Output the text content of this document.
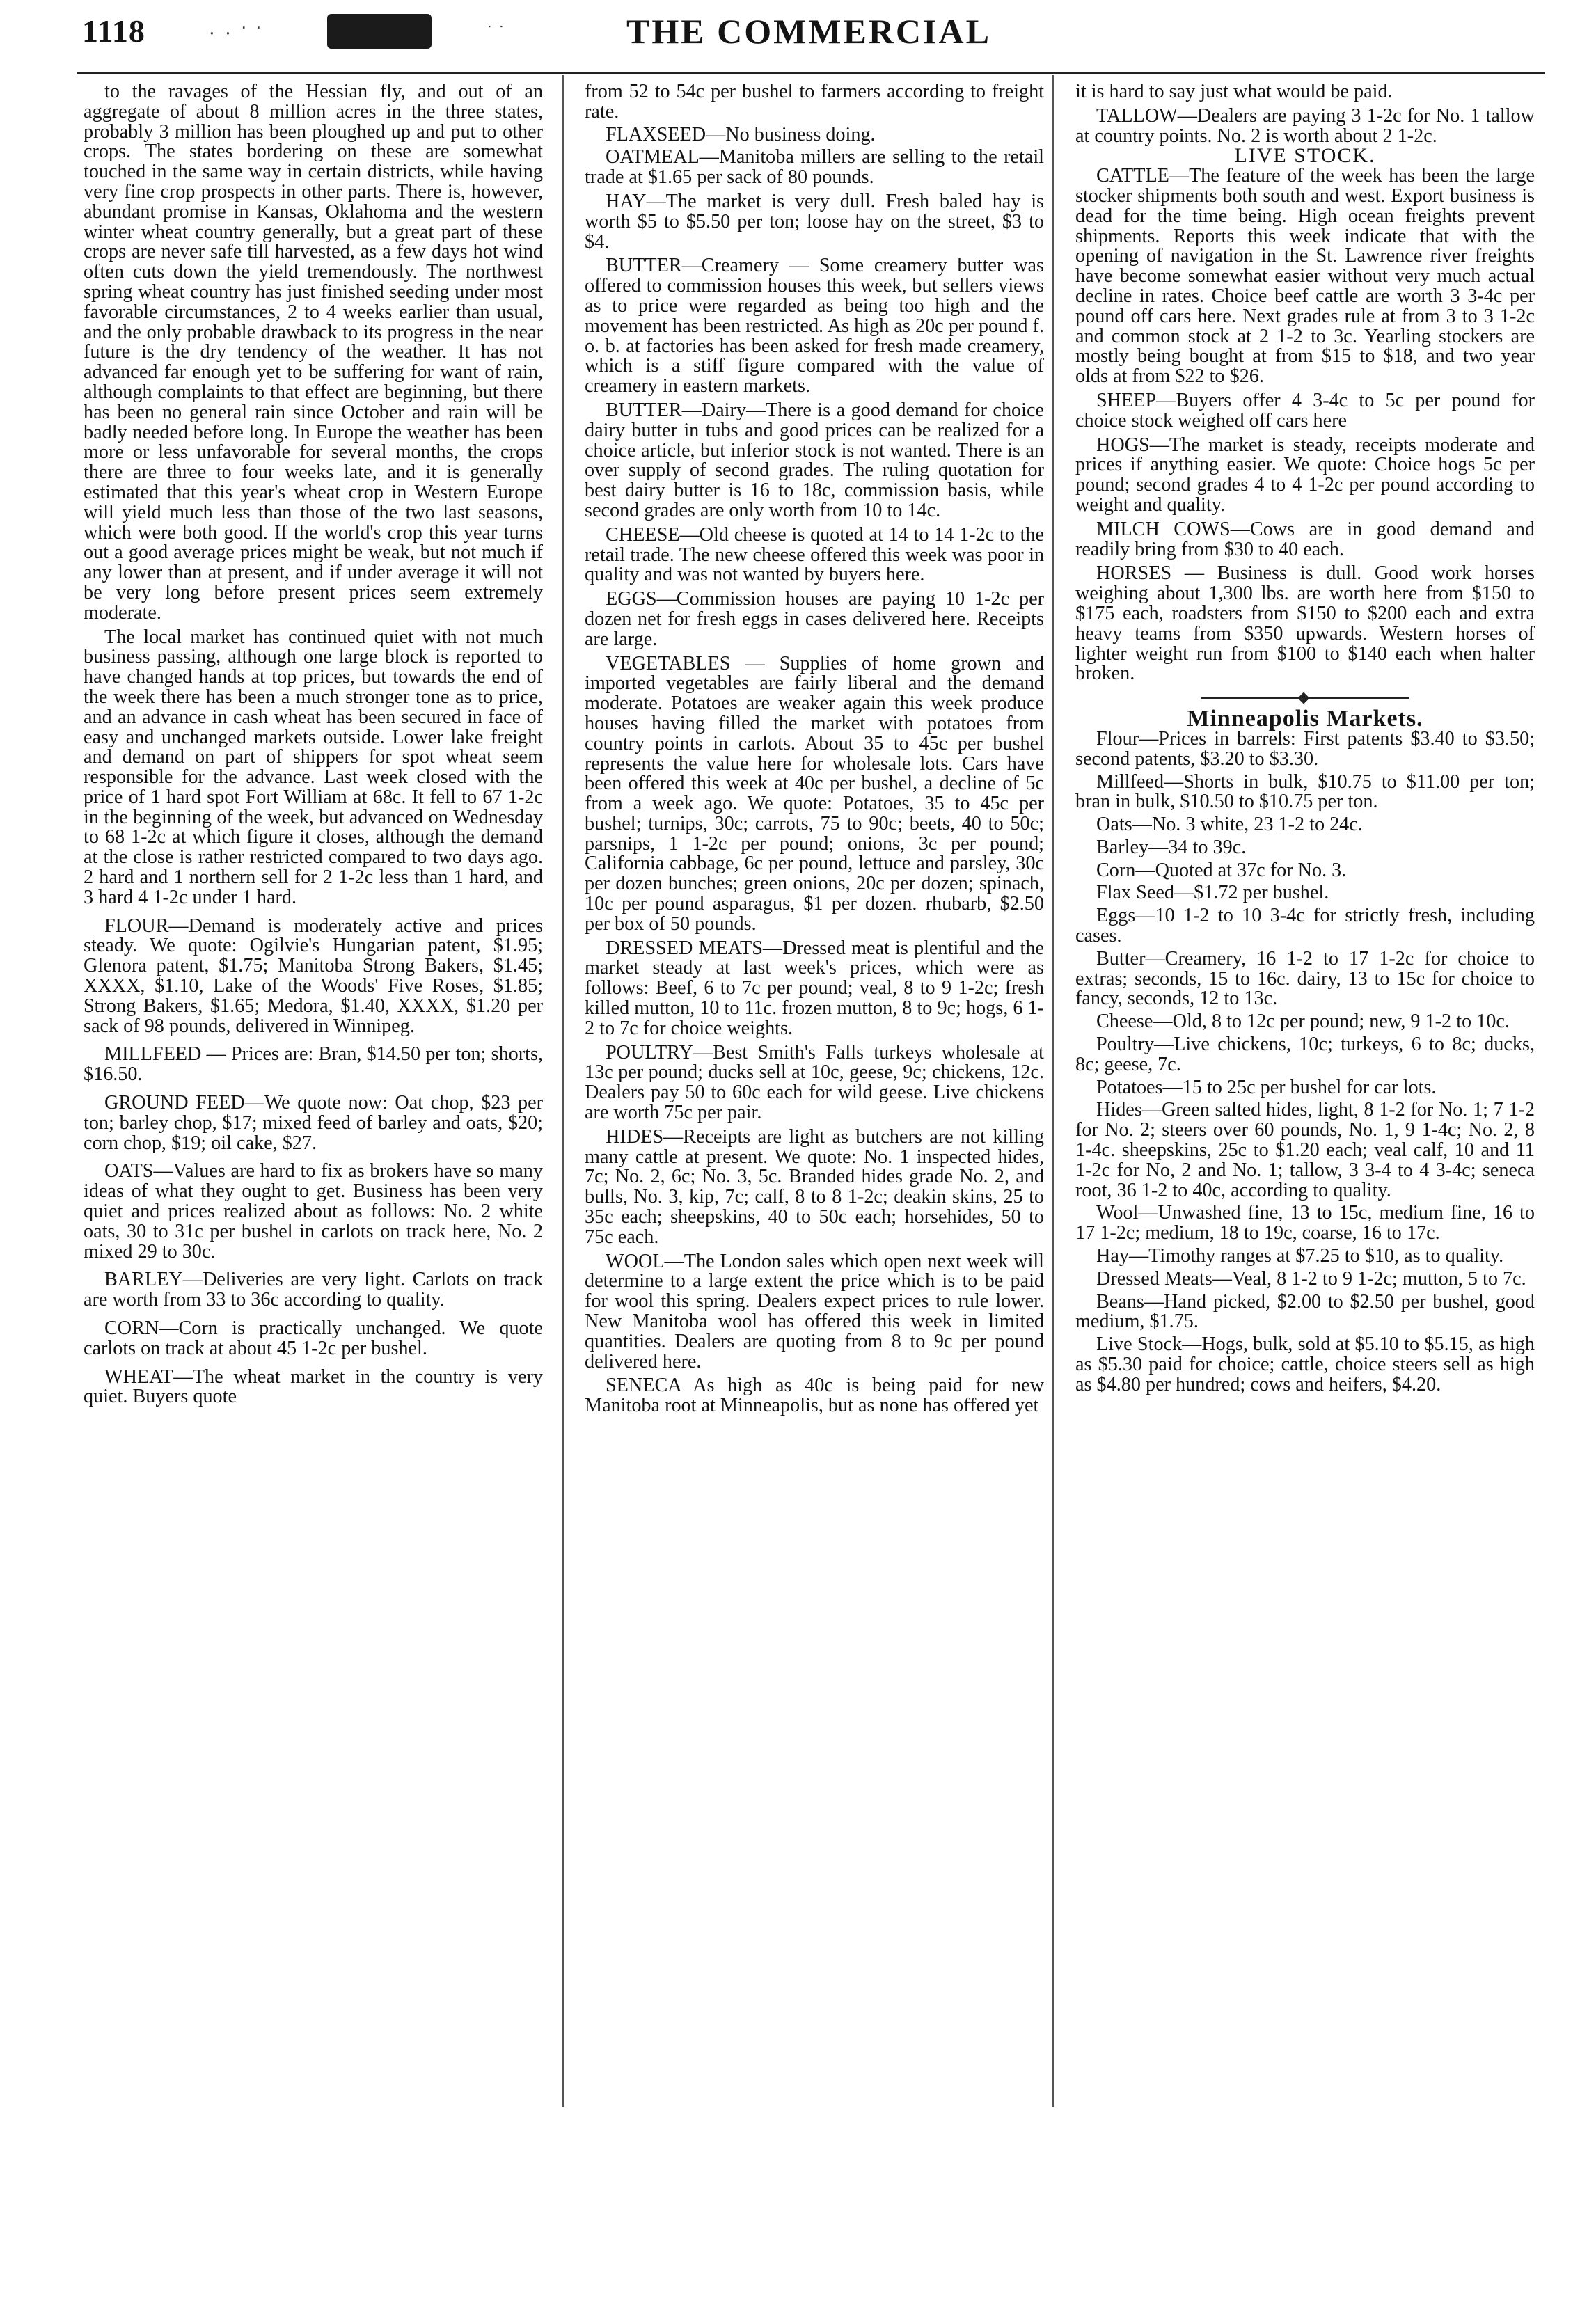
1118	․ ․ ᐧ ᐧ	ᐧ ᐧ	THE COMMERCIAL

to the ravages of the Hessian fly, and out of an aggregate of about 8 million acres in the three states, probably 3 million has been ploughed up and put to other crops. The states bordering on these are somewhat touched in the same way in certain districts, while having very fine crop prospects in other parts. There is, however, abundant promise in Kansas, Oklahoma and the western winter wheat country generally, but a great part of these crops are never safe till harvested, as a few days hot wind often cuts down the yield tremendously. The northwest spring wheat country has just finished seeding under most favorable circumstances, 2 to 4 weeks earlier than usual, and the only probable drawback to its progress in the near future is the dry tendency of the weather. It has not advanced far enough yet to be suffering for want of rain, although complaints to that effect are beginning, but there has been no general rain since October and rain will be badly needed before long. In Europe the weather has been more or less unfavorable for several months, the crops there are three to four weeks late, and it is generally estimated that this year's wheat crop in Western Europe will yield much less than those of the two last seasons, which were both good. If the world's crop this year turns out a good average prices might be weak, but not much if any lower than at present, and if under average it will not be very long before present prices seem extremely moderate.

The local market has continued quiet with not much business passing, although one large block is reported to have changed hands at top prices, but towards the end of the week there has been a much stronger tone as to price, and an advance in cash wheat has been secured in face of easy and unchanged markets outside. Lower lake freight and demand on part of shippers for spot wheat seem responsible for the advance. Last week closed with the price of 1 hard spot Fort William at 68c. It fell to 67 1-2c in the beginning of the week, but advanced on Wednesday to 68 1-2c at which figure it closes, although the demand at the close is rather restricted compared to two days ago. 2 hard and 1 northern sell for 2 1-2c less than 1 hard, and 3 hard 4 1-2c under 1 hard.

FLOUR—Demand is moderately active and prices steady. We quote: Ogilvie's Hungarian patent, $1.95; Glenora patent, $1.75; Manitoba Strong Bakers, $1.45; XXXX, $1.10, Lake of the Woods' Five Roses, $1.85; Strong Bakers, $1.65; Medora, $1.40, XXXX, $1.20 per sack of 98 pounds, delivered in Winnipeg.

MILLFEED — Prices are: Bran, $14.50 per ton; shorts, $16.50.

GROUND FEED—We quote now: Oat chop, $23 per ton; barley chop, $17; mixed feed of barley and oats, $20; corn chop, $19; oil cake, $27.

OATS—Values are hard to fix as brokers have so many ideas of what they ought to get. Business has been very quiet and prices realized about as follows: No. 2 white oats, 30 to 31c per bushel in carlots on track here, No. 2 mixed 29 to 30c.

BARLEY—Deliveries are very light. Carlots on track are worth from 33 to 36c according to quality.

CORN—Corn is practically unchanged. We quote carlots on track at about 45 1-2c per bushel.

WHEAT—The wheat market in the country is very quiet. Buyers quote

from 52 to 54c per bushel to farmers according to freight rate.

FLAXSEED—No business doing.

OATMEAL—Manitoba millers are selling to the retail trade at $1.65 per sack of 80 pounds.

HAY—The market is very dull. Fresh baled hay is worth $5 to $5.50 per ton; loose hay on the street, $3 to $4.

BUTTER—Creamery — Some creamery butter was offered to commission houses this week, but sellers views as to price were regarded as being too high and the movement has been restricted. As high as 20c per pound f. o. b. at factories has been asked for fresh made creamery, which is a stiff figure compared with the value of creamery in eastern markets.

BUTTER—Dairy—There is a good demand for choice dairy butter in tubs and good prices can be realized for a choice article, but inferior stock is not wanted. There is an over supply of second grades. The ruling quotation for best dairy butter is 16 to 18c, commission basis, while second grades are only worth from 10 to 14c.

CHEESE—Old cheese is quoted at 14 to 14 1-2c to the retail trade. The new cheese offered this week was poor in quality and was not wanted by buyers here.

EGGS—Commission houses are paying 10 1-2c per dozen net for fresh eggs in cases delivered here. Receipts are large.

VEGETABLES — Supplies of home grown and imported vegetables are fairly liberal and the demand moderate. Potatoes are weaker again this week produce houses having filled the market with potatoes from country points in carlots. About 35 to 45c per bushel represents the value here for wholesale lots. Cars have been offered this week at 40c per bushel, a decline of 5c from a week ago. We quote: Potatoes, 35 to 45c per bushel; turnips, 30c; carrots, 75 to 90c; beets, 40 to 50c; parsnips, 1 1-2c per pound; onions, 3c per pound; California cabbage, 6c per pound, lettuce and parsley, 30c per dozen bunches; green onions, 20c per dozen; spinach, 10c per pound asparagus, $1 per dozen. rhubarb, $2.50 per box of 50 pounds.

DRESSED MEATS—Dressed meat is plentiful and the market steady at last week's prices, which were as follows: Beef, 6 to 7c per pound; veal, 8 to 9 1-2c; fresh killed mutton, 10 to 11c. frozen mutton, 8 to 9c; hogs, 6 1-2 to 7c for choice weights.

POULTRY—Best Smith's Falls turkeys wholesale at 13c per pound; ducks sell at 10c, geese, 9c; chickens, 12c. Dealers pay 50 to 60c each for wild geese. Live chickens are worth 75c per pair.

HIDES—Receipts are light as butchers are not killing many cattle at present. We quote: No. 1 inspected hides, 7c; No. 2, 6c; No. 3, 5c. Branded hides grade No. 2, and bulls, No. 3, kip, 7c; calf, 8 to 8 1-2c; deakin skins, 25 to 35c each; sheepskins, 40 to 50c each; horsehides, 50 to 75c each.

WOOL—The London sales which open next week will determine to a large extent the price which is to be paid for wool this spring. Dealers expect prices to rule lower. New Manitoba wool has offered this week in limited quantities. Dealers are quoting from 8 to 9c per pound delivered here.

SENECA As high as 40c is being paid for new Manitoba root at Minneapolis, but as none has offered yet

it is hard to say just what would be paid.

TALLOW—Dealers are paying 3 1-2c for No. 1 tallow at country points. No. 2 is worth about 2 1-2c.

LIVE STOCK.

CATTLE—The feature of the week has been the large stocker shipments both south and west. Export business is dead for the time being. High ocean freights prevent shipments. Reports this week indicate that with the opening of navigation in the St. Lawrence river freights have become somewhat easier without very much actual decline in rates. Choice beef cattle are worth 3 3-4c per pound off cars here. Next grades rule at from 3 to 3 1-2c and common stock at 2 1-2 to 3c. Yearling stockers are mostly being bought at from $15 to $18, and two year olds at from $22 to $26.

SHEEP—Buyers offer 4 3-4c to 5c per pound for choice stock weighed off cars here

HOGS—The market is steady, receipts moderate and prices if anything easier. We quote: Choice hogs 5c per pound; second grades 4 to 4 1-2c per pound according to weight and quality.

MILCH COWS—Cows are in good demand and readily bring from $30 to 40 each.

HORSES — Business is dull. Good work horses weighing about 1,300 lbs. are worth here from $150 to $175 each, roadsters from $150 to $200 each and extra heavy teams from $350 upwards. Western horses of lighter weight run from $100 to $140 each when halter broken.

Minneapolis Markets.

Flour—Prices in barrels: First patents $3.40 to $3.50; second patents, $3.20 to $3.30.

Millfeed—Shorts in bulk, $10.75 to $11.00 per ton; bran in bulk, $10.50 to $10.75 per ton.

Oats—No. 3 white, 23 1-2 to 24c.

Barley—34 to 39c.

Corn—Quoted at 37c for No. 3.

Flax Seed—$1.72 per bushel.

Eggs—10 1-2 to 10 3-4c for strictly fresh, including cases.

Butter—Creamery, 16 1-2 to 17 1-2c for choice to extras; seconds, 15 to 16c. dairy, 13 to 15c for choice to fancy, seconds, 12 to 13c.

Cheese—Old, 8 to 12c per pound; new, 9 1-2 to 10c.

Poultry—Live chickens, 10c; turkeys, 6 to 8c; ducks, 8c; geese, 7c.

Potatoes—15 to 25c per bushel for car lots.

Hides—Green salted hides, light, 8 1-2 for No. 1; 7 1-2 for No. 2; steers over 60 pounds, No. 1, 9 1-4c; No. 2, 8 1-4c. sheepskins, 25c to $1.20 each; veal calf, 10 and 11 1-2c for No, 2 and No. 1; tallow, 3 3-4 to 4 3-4c; seneca root, 36 1-2 to 40c, according to quality.

Wool—Unwashed fine, 13 to 15c, medium fine, 16 to 17 1-2c; medium, 18 to 19c, coarse, 16 to 17c.

Hay—Timothy ranges at $7.25 to $10, as to quality.

Dressed Meats—Veal, 8 1-2 to 9 1-2c; mutton, 5 to 7c.

Beans—Hand picked, $2.00 to $2.50 per bushel, good medium, $1.75.

Live Stock—Hogs, bulk, sold at $5.10 to $5.15, as high as $5.30 paid for choice; cattle, choice steers sell as high as $4.80 per hundred; cows and heifers, $4.20.
